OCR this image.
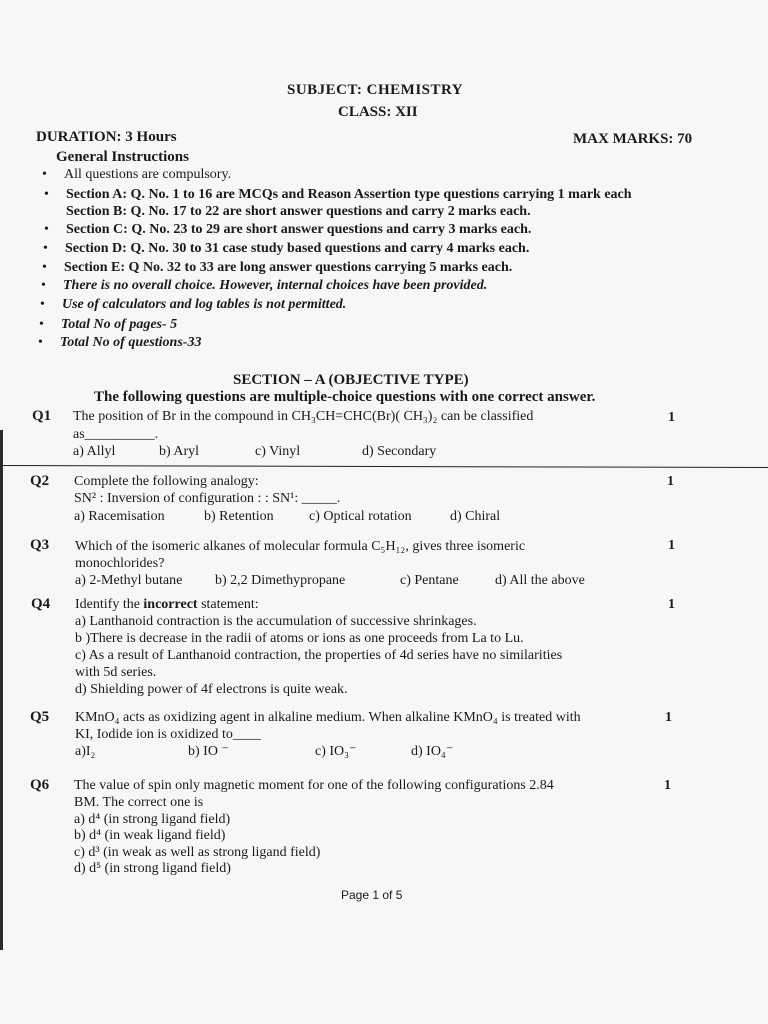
SUBJECT: CHEMISTRY
CLASS: XII
DURATION: 3 Hours	MAX MARKS: 70
General Instructions
• All questions are compulsory.
• Section A: Q. No. 1 to 16 are MCQs and Reason Assertion type questions carrying 1 mark each
Section B: Q. No. 17 to 22 are short answer questions and carry 2 marks each.
• Section C: Q. No. 23 to 29 are short answer questions and carry 3 marks each.
• Section D: Q. No. 30 to 31 case study based questions and carry 4 marks each.
• Section E: Q No. 32 to 33 are long answer questions carrying 5 marks each.
• There is no overall choice. However, internal choices have been provided.
• Use of calculators and log tables is not permitted.
• Total No of pages- 5
• Total No of questions-33
SECTION – A (OBJECTIVE TYPE)
The following questions are multiple-choice questions with one correct answer.
Q1 The position of Br in the compound in CH₃CH=CHC(Br)( CH₃)₂ can be classified
as__________.
a) Allyl	b) Aryl	c) Vinyl	d) Secondary
1
Q2 Complete the following analogy:
SN² : Inversion of configuration : : SN¹: _____.
a) Racemisation	b) Retention	c) Optical rotation	d) Chiral
1
Q3 Which of the isomeric alkanes of molecular formula C₅H₁₂, gives three isomeric
monochlorides?
a) 2-Methyl butane b) 2,2 Dimethypropane	c) Pentane	d) All the above
1
Q4 Identify the incorrect statement:
a) Lanthanoid contraction is the accumulation of successive shrinkages.
b )There is decrease in the radii of atoms or ions as one proceeds from La to Lu.
c) As a result of Lanthanoid contraction, the properties of 4d series have no similarities
with 5d series.
d) Shielding power of 4f electrons is quite weak.
1
Q5 KMnO₄ acts as oxidizing agent in alkaline medium. When alkaline KMnO₄ is treated with
KI, Iodide ion is oxidized to____
a)I₂	b) IO ⁻	c) IO₃⁻	d) IO₄⁻
1
Q6 The value of spin only magnetic moment for one of the following configurations 2.84
BM. The correct one is
a) d⁴ (in strong ligand field)
b) d⁴ (in weak ligand field)
c) d³ (in weak as well as strong ligand field)
d) d⁵ (in strong ligand field)
1
Page 1 of 5
